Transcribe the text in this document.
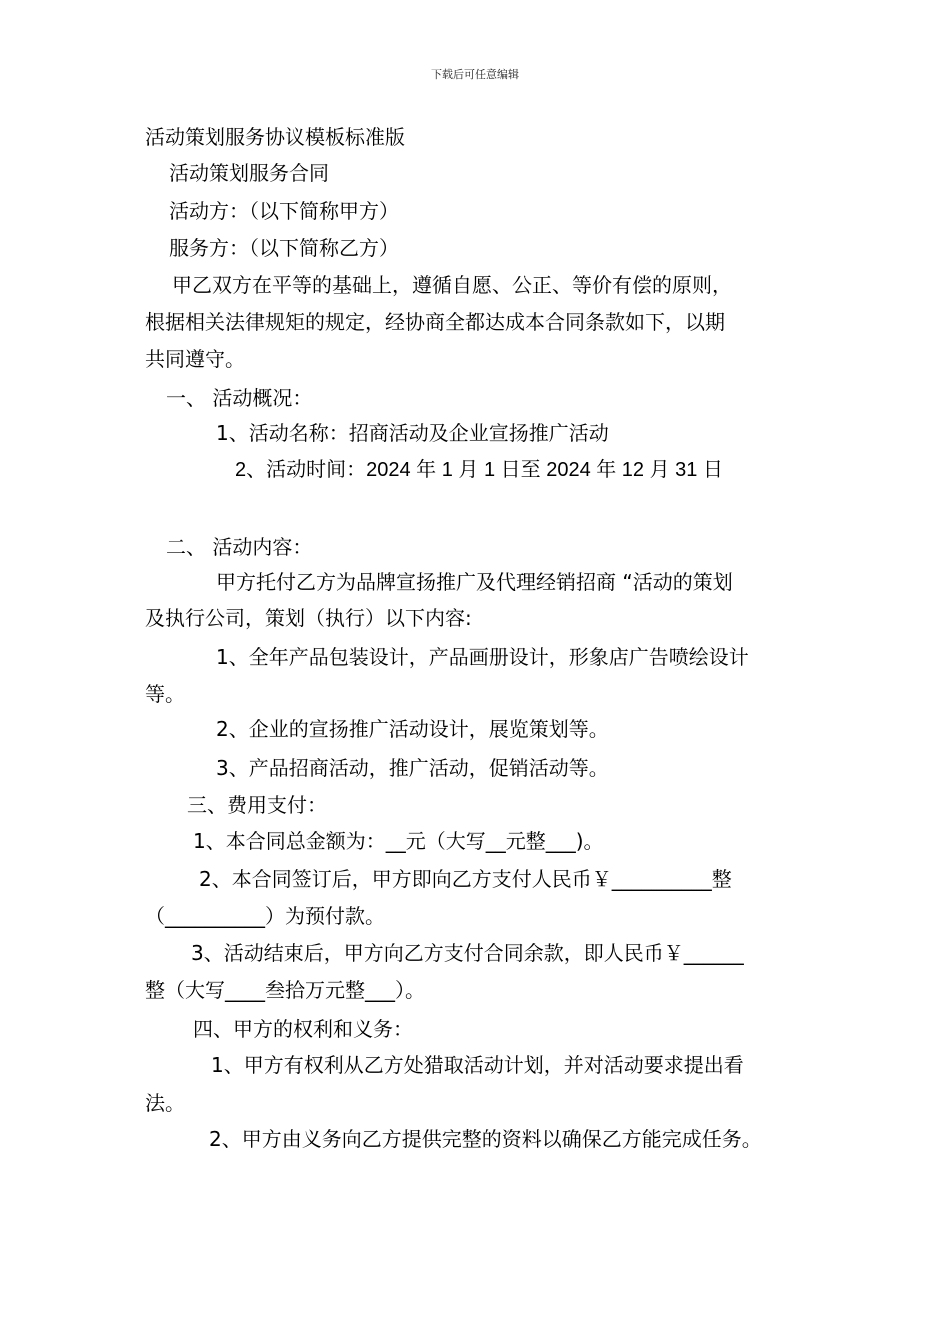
下载后可任意编辑
活动策划服务协议模板标准版
活动策划服务合同
活动方：（以下简称甲方）
服务方：（以下简称乙方）
甲乙双方在平等的基础上，遵循自愿、公正、等价有偿的原则，
根据相关法律规矩的规定，经协商全都达成本合同条款如下，以期
共同遵守。
一、 活动概况：
1、活动名称：招商活动及企业宣扬推广活动
2、活动时间：2024 年 1 月 1 日至 2024 年 12 月 31 日
二、 活动内容：
甲方托付乙方为品牌宣扬推广及代理经销招商 “活动的策划
及执行公司，策划（执行）以下内容:
1、全年产品包装设计，产品画册设计，形象店广告喷绘设计
等。
2、企业的宣扬推广活动设计，展览策划等。
3、产品招商活动，推广活动，促销活动等。
三、费用支付：
1、本合同总金额为：__元（大写__元整___)。
2、本合同签订后，甲方即向乙方支付人民币￥__________整
（__________）为预付款。
3、活动结束后，甲方向乙方支付合同余款，即人民币￥______
整（大写____叁拾万元整___）。
四、甲方的权利和义务：
1、甲方有权利从乙方处猎取活动计划，并对活动要求提出看
法。
2、甲方由义务向乙方提供完整的资料以确保乙方能完成任务。
